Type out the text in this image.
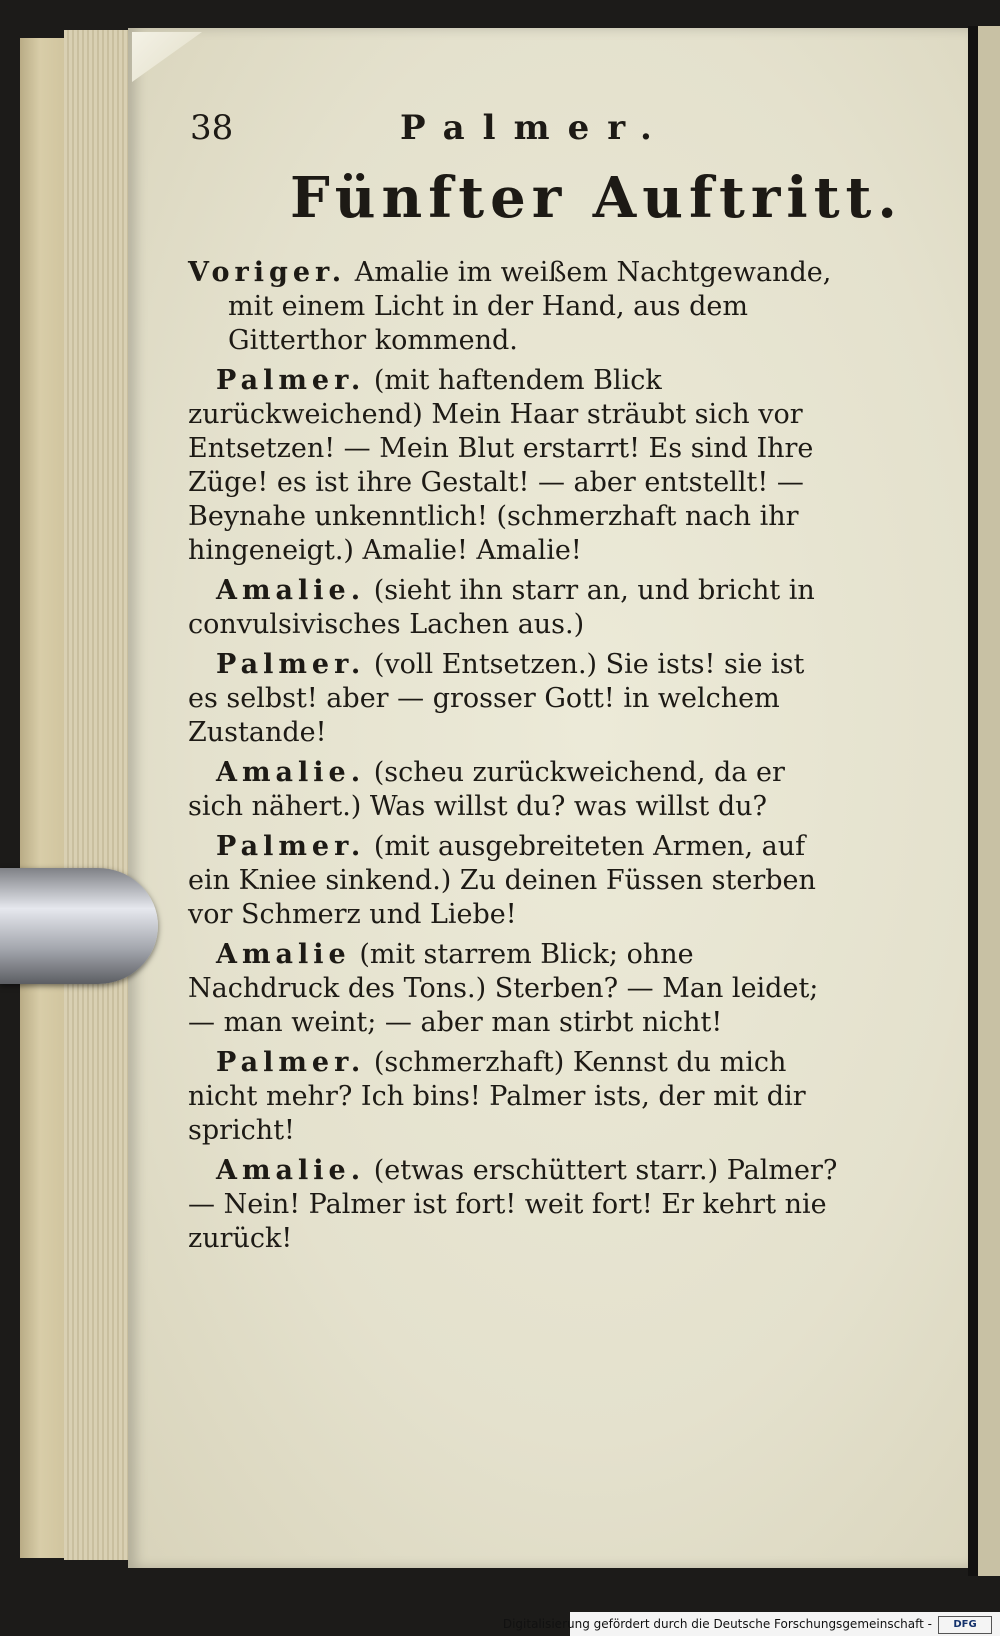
38	Palmer.
Fünfter Auftritt.

Voriger. Amalie im weißem Nachtgewande, mit einem Licht in der Hand, aus dem Gitterthor kommend.

Palmer. (mit haftendem Blick zurückweichend) Mein Haar sträubt sich vor Entsetzen! — Mein Blut erstarrt! Es sind Ihre Züge! es ist ihre Gestalt! — aber entstellt! — Beynahe unkenntlich! (schmerzhaft nach ihr hingeneigt.) Amalie! Amalie!

Amalie. (sieht ihn starr an, und bricht in convulsivisches Lachen aus.)

Palmer. (voll Entsetzen.) Sie ists! sie ist es selbst! aber — grosser Gott! in welchem Zustande!

Amalie. (scheu zurückweichend, da er sich nähert.) Was willst du? was willst du?

Palmer. (mit ausgebreiteten Armen, auf ein Kniee sinkend.) Zu deinen Füssen sterben vor Schmerz und Liebe!

Amalie (mit starrem Blick; ohne Nachdruck des Tons.) Sterben? — Man leidet; — man weint; — aber man stirbt nicht!

Palmer. (schmerzhaft) Kennst du mich nicht mehr? Ich bins! Palmer ists, der mit dir spricht!

Amalie. (etwas erschüttert starr.) Palmer? — Nein! Palmer ist fort! weit fort! Er kehrt nie zurück!

Digitalisierung gefördert durch die Deutsche Forschungsgemeinschaft -	DFG
